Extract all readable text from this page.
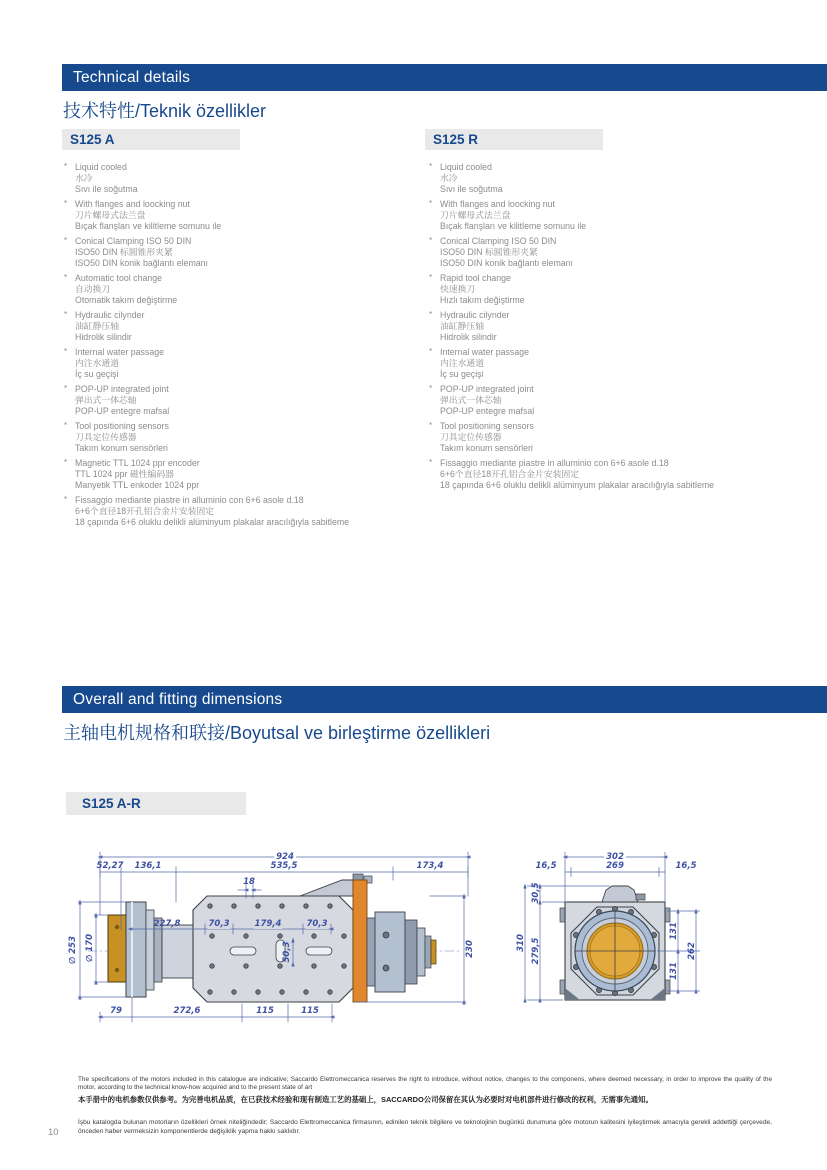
Technical details
技术特性/Teknik özellikler
S125 A	S125 R
* Liquid cooled
水冷
Sıvı ile soğutma
* With flanges and loocking nut
刀片螺母式法兰盘
Bıçak flanşları ve kilitleme somunu ile
* Conical Clamping ISO 50 DIN
ISO50 DIN 标圆锥形夹紧
ISO50 DIN konik bağlantı elemanı
* Automatic tool change
自动换刀
Otomatik takım değiştirme
* Hydraulic cilynder
油缸静压轴
Hidrolik silindir
* Internal water passage
内注水通道
İç su geçişi
* POP-UP integrated joint
弹出式一体芯轴
POP-UP entegre mafsal
* Tool positioning sensors
刀具定位传感器
Takım konum sensörleri
* Magnetic TTL 1024 ppr encoder
TTL 1024 ppr 磁性编码器
Manyetik TTL enkoder 1024 ppr
* Fissaggio mediante piastre in alluminio con 6+6 asole d.18
6+6个直径18开孔铝合金片安装固定
18 çapında 6+6 oluklu delikli alüminyum plakalar aracılığıyla sabitleme
* Liquid cooled
水冷
Sıvı ile soğutma
* With flanges and loocking nut
刀片螺母式法兰盘
Bıçak flanşları ve kilitleme somunu ile
* Conical Clamping ISO 50 DIN
ISO50 DIN 标圆锥形夹紧
ISO50 DIN konik bağlantı elemanı
* Rapid tool change
快速换刀
Hızlı takım değiştirme
* Hydraulic cilynder
油缸静压轴
Hidrolik silindir
* Internal water passage
内注水通道
İç su geçişi
* POP-UP integrated joint
弹出式一体芯轴
POP-UP entegre mafsal
* Tool positioning sensors
刀具定位传感器
Takım konum sensörleri
* Fissaggio mediante piastre in alluminio con 6+6 asole d.18
6+6个直径18开孔铝合金片安装固定
18 çapında 6+6 oluklu delikli alüminyum plakalar aracılığıyla sabitleme
Overall and fitting dimensions
主轴电机规格和联接/Boyutsal ve birleştirme özellikleri
S125 A-R
924
52,27 136,1	535,5	173,4
18
227,8	70,3	179,4	70,3
50,3
∅ 253 ∅ 170	230
79	272,6	115	115
302
16,5	269	16,5
30,5
310 279,5
131
262
131
The specifications of the motors included in this catalogue are indicative; Saccardo Elettromeccanica reserves the right to introduce, without notice, changes to the componens, where deemed necessary, in order to improve the quality of the motor, according to the technical know-how acquired and to the present state of art
本手册中的电机参数仅供参考。为完善电机品质，在已获技术经验和现有制造工艺的基础上，SACCARDO公司保留在其认为必要时对电机部件进行修改的权利，无需事先通知。
İşbu katalogda bulunan motorların özellikleri örnek niteliğindedir; Saccardo Elettromeccanica firmasının, edinilen teknik bilgilere ve teknolojinin bugünkü durumuna göre motorun kalitesini iyileştirmek amacıyla gerekli addettiği çerçevede, önceden haber vermeksizin komponentlerde değişiklik yapma hakkı saklıdır.
10
